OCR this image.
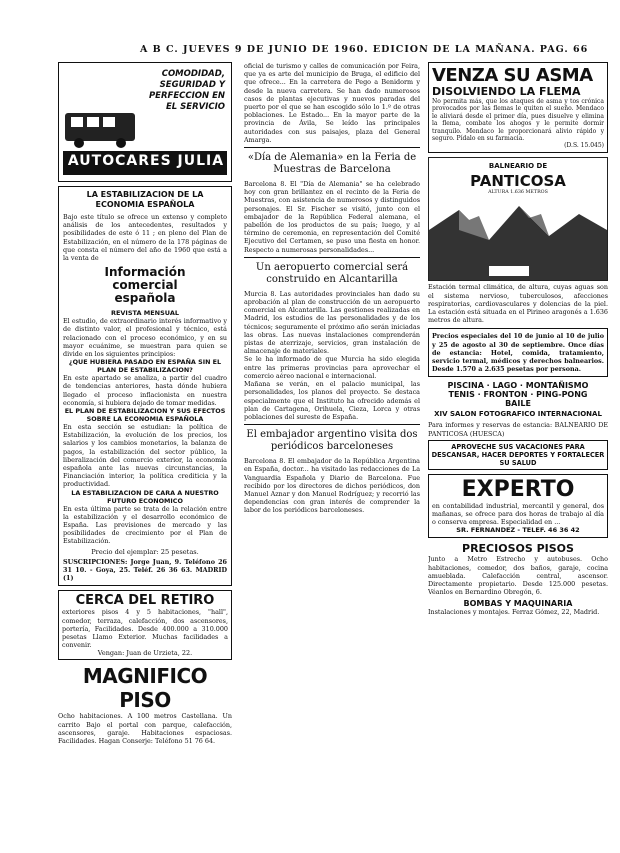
A B C. JUEVES 9 DE JUNIO DE 1960. EDICION DE LA MAÑANA. PAG. 66
COMODIDAD,
SEGURIDAD Y
PERFECCION EN
EL SERVICIO
AUTOCARES JULIA
LA ESTABILIZACION DE LA ECONOMIA ESPAÑOLA

Bajo este título se ofrece un extenso y completo análisis de los antecedentes, resultados y posibilidades de este ó 11 ; en pleno del Plan de Estabilización, en el número de la 178 páginas de que consta el número del año de 1960 que está a la venta de

Información comercial española
REVISTA MENSUAL

El estudio, de extraordinario interés informativo y de distinto valor, el profesional y técnico, está relacionado con el proceso económico, y en su mayor ecuánime, se muestran para quien se divide en los siguientes principios:

¿QUE HUBIERA PASADO EN ESPAÑA SIN EL PLAN DE ESTABILIZACION?

En este apartado se analiza, a partir del cuadro de tendencias anteriores, hasta dónde hubiera llegado el proceso inflacionista en nuestra economía, si hubiera dejado de tomar medidas.

EL PLAN DE ESTABILIZACION Y SUS EFECTOS SOBRE LA ECONOMIA ESPAÑOLA

En esta sección se estudian: la política de Estabilización, la evolución de los precios, los salarios y los cambios monetarios, la balanza de pagos, la estabilización del sector público, la liberalización del comercio exterior, la economía española ante las nuevas circunstancias, la Financiación interior, la política crediticia y la productividad.

LA ESTABILIZACION DE CARA A NUESTRO FUTURO ECONOMICO

En esta última parte se trata de la relación entre la estabilización y el desarrollo económico de España. Las previsiones de mercado y las posibilidades de crecimiento por el Plan de Estabilización.

Precio del ejemplar: 25 pesetas.

SUSCRIPCIONES: Jorge Juan, 9. Teléfono 26 31 10. - Goya, 25. Teléf. 26 36 63. MADRID (1)

CERCA DEL RETIRO

exteriores pisos 4 y 5 habitaciones, "hall", comedor, terraza, calefacción, dos ascensores, portería, Facilidades. Desde 400.000 a 310.000 pesetas Llamo Exterior. Muchas facilidades a convenir.

Vengan: Juan de Urzieta, 22.
MAGNIFICO PISO

Ocho habitaciones. A 100 metros Castellana. Un carrito Bajo el portal con parque, calefacción, ascensores, garaje. Habitaciones espaciosas. Facilidades. Hagan Conserje: Teléfono 51 76 64.

oficial de turismo y calles de comunicación por Feira, que ya es arte del municipio de Bruga, el edificio del que ofrece... En la carretera de Pego a Benidorm y desde la nueva carretera. Se han dado numerosos casos de plantas ejecutivas y nuevos paradas del puerto por el que se han escogido sólo lo 1.º de otras poblaciones. Le Estado... En la mayor parte de la provincia de Ávila, Se leído las principales autoridades con sus paisajes, plaza del General Amarga.

«Día de Alemania» en la Feria de Muestras de Barcelona

Barcelona 8. El "Día de Alemania" se ha celebrado hoy con gran brillantez en el recinto de la Feria de Muestras, con asistencia de numerosos y distinguidos personajes. El Sr. Fischer se visitó, junto con el embajador de la República Federal alemana, el pabellón de los productos de su país; luego, y al término de ceremonia, en representación del Comité Ejecutivo del Certamen, se puso una fiesta en honor. Respecto a numerosas personalidades...

Un aeropuerto comercial será construido en Alcantarilla

Murcia 8. Las autoridades provinciales han dado su aprobación al plan de construcción de un aeropuerto comercial en Alcantarilla. Las gestiones realizadas en Madrid, los estudios de las personalidades y de los técnicos; seguramente el próximo año serán iniciadas las obras. Las nuevas instalaciones comprenderán pistas de aterrizaje, servicios, gran instalación de almacenaje de materiales.

Se le ha informado de que Murcia ha sido elegida entre las primeras provincias para aprovechar el comercio aéreo nacional e internacional.

Mañana se verán, en el palacio municipal, las personalidades, los planos del proyecto. Se destaca especialmente que el Instituto ha ofrecido además el plan de Cartagena, Orihuela, Cieza, Lorca y otras poblaciones del sureste de España.

El embajador argentino visita dos periódicos barceloneses

Barcelona 8. El embajador de la República Argentina en España, doctor... ha visitado las redacciones de La Vanguardia Española y Diario de Barcelona. Fue recibido por los directores de dichos periódicos, don Manuel Aznar y don Manuel Rodríguez; y recorrió las dependencias con gran interés de comprender la labor de los periódicos barceloneses.

VENZA SU ASMA
DISOLVIENDO LA FLEMA

No permita más, que los ataques de asma y tos crónica provocados por las flemas le quiten el sueño. Mendaco le aliviará desde el primer día, pues disuelve y elimina la flema, combate los ahogos y le permite dormir tranquilo. Mendaco le proporcionará alivio rápido y seguro. Pídalo en su farmacia.

(D.S. 15.045)
BALNEARIO DE
PANTICOSA
ALTURA 1.636 METROS

Estación termal climática, de altura, cuyas aguas son el sistema nervioso, tuberculosos, afecciones respiratorias, cardiovasculares y dolencias de la piel. La estación está situada en el Pirineo aragonés a 1.636 metros de altura.

Precios especiales del 10 de junio al 10 de julio y 25 de agosto al 30 de septiembre. Once días de estancia: Hotel, comida, tratamiento, servicio termal, médicos y derechos balnearios. Desde 1.570 a 2.635 pesetas por persona.

PISCINA · LAGO · MONTAÑISMO
TENIS · FRONTON · PING-PONG
BAILE
XIV SALON FOTOGRAFICO INTERNACIONAL

Para informes y reservas de estancia: BALNEARIO DE PANTICOSA (HUESCA)

APROVECHE SUS VACACIONES PARA DESCANSAR, HACER DEPORTES Y FORTALECER SU SALUD
EXPERTO

en contabilidad industrial, mercantil y general, dos mañanas, se ofrece para dos horas de trabajo al día o conserva empresa. Especialidad en ...

SR. FERNANDEZ - TELEF. 46 36 42
PRECIOSOS PISOS

Junto a Metro Estrecho y autobuses. Ocho habitaciones, comedor, dos baños, garaje, cocina amueblada. Calefacción central, ascensor. Directamente propietario. Desde 125.000 pesetas. Véanlos en Bernardino Obregón, 6.

BOMBAS Y MAQUINARIA

Instalaciones y montajes. Ferraz Gómez, 22, Madrid.
